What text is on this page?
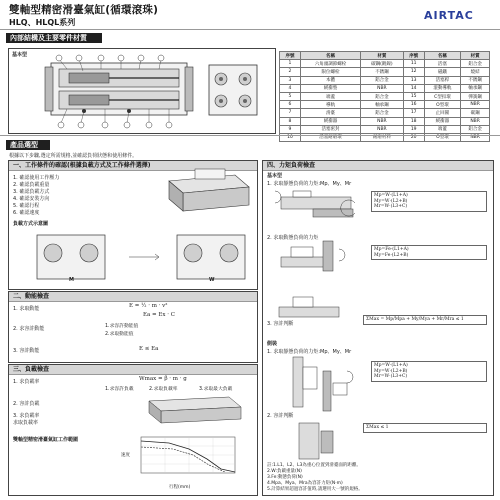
雙軸型精密滑臺氣缸(循環滾珠)
HLQ、HLQL系列
AIRTAC
內部結構及主要零件材質
基本型	序號	名稱	材質	序號	名稱	材質
1	六角頭調節螺栓	碳鋼(鍍鎳)	11	活塞	鋁合金
2	限位螺栓	不銹鋼	12	磁鐵	燒結
3	本體	鋁合金	13	活塞桿	不銹鋼
4	緩衝墊	NBR	14	滾動導軌	軸承鋼
5	端蓋	鋁合金	15	C型扣環	彈簧鋼
6	導軌	軸承鋼	16	O型環	NBR
7	滑臺	鋁合金	17	止回閥	碳鋼
8	緩衝器	NBR	18	緩衝器	NBR
9	活塞密封	NBR	19	端蓋	鋁合金
10	活塞耐磨環	耐磨材料	20	O型環	NBR
產品選型
根據以下步驟,選定所需規格,並確認負荷狀態和使用條件。
一、工作條件的確認(根據負載方式及工作條件選擇)
1. 確認使用工作壓力
2. 確認負載重量
3. 確認負載方式
4. 確認安裝方向
5. 確認行程
6. 確認速度
負載方式示意圖
M	W
二、動能檢查
1. 求取動能	E = ½ · m · v²
Ea = Ex · C
2. 求容許動能	1.求容許動能值
2.求取動能值
3. 容許動能	E ≤ Ea
三、負載檢查
1. 求負載率	Wmax = β · m · g
1.求容許負載	2.求取負載率	3.求取最大負載
2. 容許負載
3. 求負載率
求取負載率
雙軸型精密滑臺氣缸工作範圍
行程(mm)
速度
四、力矩負荷檢查
基本型
1. 求取靜態負荷的力矩:Mp、My、Mr
Mp=W·(L1+A)
My=W·(L2+B)
Mr=W·(L3+C)
2. 求取動態負荷的力矩
Mp=Fe·(L1+A)
My=Fe·(L2+B)
3. 容許判斷
ΣMax = Mp/Mpa + My/Mya + Mr/Mra ≤ 1
側裝
1. 求取靜態負荷的力矩:Mp、My、Mr
Mp=W·(L1+A)
My=W·(L2+B)
Mr=W·(L3+C)
2. 容許判斷
ΣMax ≤ 1
註:1.L1、L2、L3為重心位置到滑臺面的距離。
2.W:負載重量(N)
3.Fe:動態負荷(N)
4.Mpa、Mya、Mra為容許力矩(N·m)
5.計算結果超過容許值時,請選用大一號的規格。
